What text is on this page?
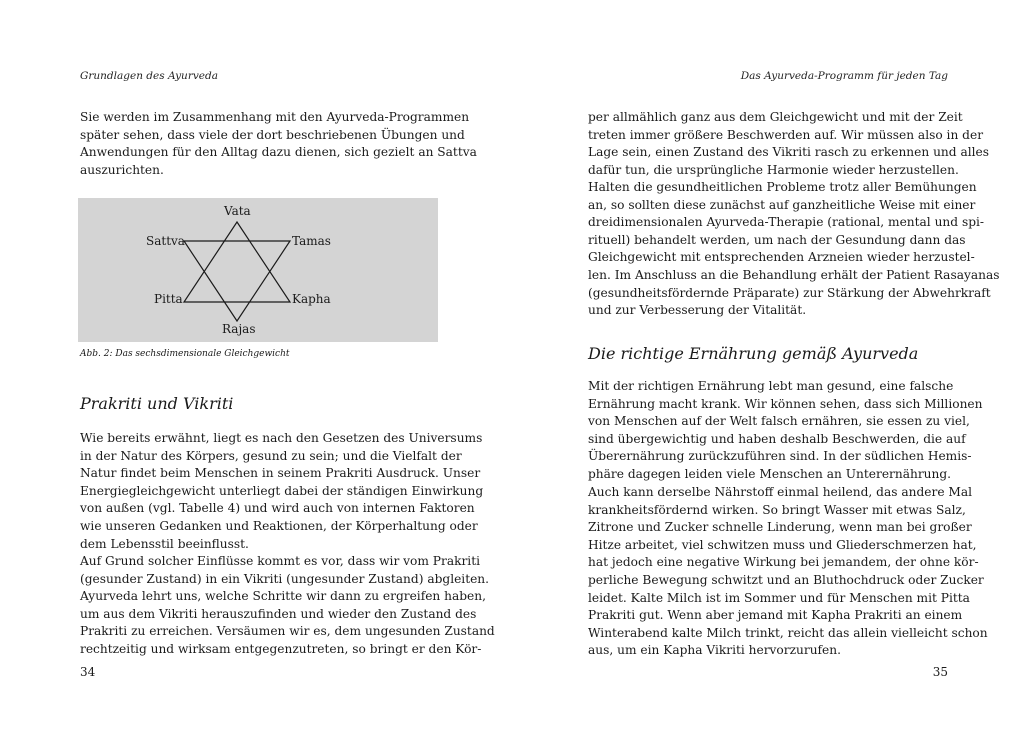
Grundlagen des Ayurveda

Sie werden im Zusammenhang mit den Ayurveda-Programmen
später sehen, dass viele der dort beschriebenen Übungen und
Anwendungen für den Alltag dazu dienen, sich gezielt an Sattva
auszurichten.

Vata
Sattva	Tamas
Pitta	Kapha
Rajas
Abb. 2: Das sechsdimensionale Gleichgewicht
Prakriti und Vikriti

Wie bereits erwähnt, liegt es nach den Gesetzen des Universums
in der Natur des Körpers, gesund zu sein; und die Vielfalt der
Natur findet beim Menschen in seinem Prakriti Ausdruck. Unser
Energiegleichgewicht unterliegt dabei der ständigen Einwirkung
von außen (vgl. Tabelle 4) und wird auch von internen Faktoren
wie unseren Gedanken und Reaktionen, der Körperhaltung oder
dem Lebensstil beeinflusst.

Auf Grund solcher Einflüsse kommt es vor, dass wir vom Prakriti
(gesunder Zustand) in ein Vikriti (ungesunder Zustand) abgleiten.
Ayurveda lehrt uns, welche Schritte wir dann zu ergreifen haben,
um aus dem Vikriti herauszufinden und wieder den Zustand des
Prakriti zu erreichen. Versäumen wir es, dem ungesunden Zustand
rechtzeitig und wirksam entgegenzutreten, so bringt er den Kör-

34
Das Ayurveda-Programm für jeden Tag

per allmählich ganz aus dem Gleichgewicht und mit der Zeit
treten immer größere Beschwerden auf. Wir müssen also in der
Lage sein, einen Zustand des Vikriti rasch zu erkennen und alles
dafür tun, die ursprüngliche Harmonie wieder herzustellen.

Halten die gesundheitlichen Probleme trotz aller Bemühungen
an, so sollten diese zunächst auf ganzheitliche Weise mit einer
dreidimensionalen Ayurveda-Therapie (rational, mental und spi-
rituell) behandelt werden, um nach der Gesundung dann das
Gleichgewicht mit entsprechenden Arzneien wieder herzustel-
len. Im Anschluss an die Behandlung erhält der Patient Rasayanas
(gesundheitsfördernde Präparate) zur Stärkung der Abwehrkraft
und zur Verbesserung der Vitalität.

Die richtige Ernährung gemäß Ayurveda

Mit der richtigen Ernährung lebt man gesund, eine falsche
Ernährung macht krank. Wir können sehen, dass sich Millionen
von Menschen auf der Welt falsch ernähren, sie essen zu viel,
sind übergewichtig und haben deshalb Beschwerden, die auf
Überernährung zurückzuführen sind. In der südlichen Hemis-
phäre dagegen leiden viele Menschen an Unterernährung.

Auch kann derselbe Nährstoff einmal heilend, das andere Mal
krankheitsfördernd wirken. So bringt Wasser mit etwas Salz,
Zitrone und Zucker schnelle Linderung, wenn man bei großer
Hitze arbeitet, viel schwitzen muss und Gliederschmerzen hat,
hat jedoch eine negative Wirkung bei jemandem, der ohne kör-
perliche Bewegung schwitzt und an Bluthochdruck oder Zucker
leidet. Kalte Milch ist im Sommer und für Menschen mit Pitta
Prakriti gut. Wenn aber jemand mit Kapha Prakriti an einem
Winterabend kalte Milch trinkt, reicht das allein vielleicht schon
aus, um ein Kapha Vikriti hervorzurufen.

35
